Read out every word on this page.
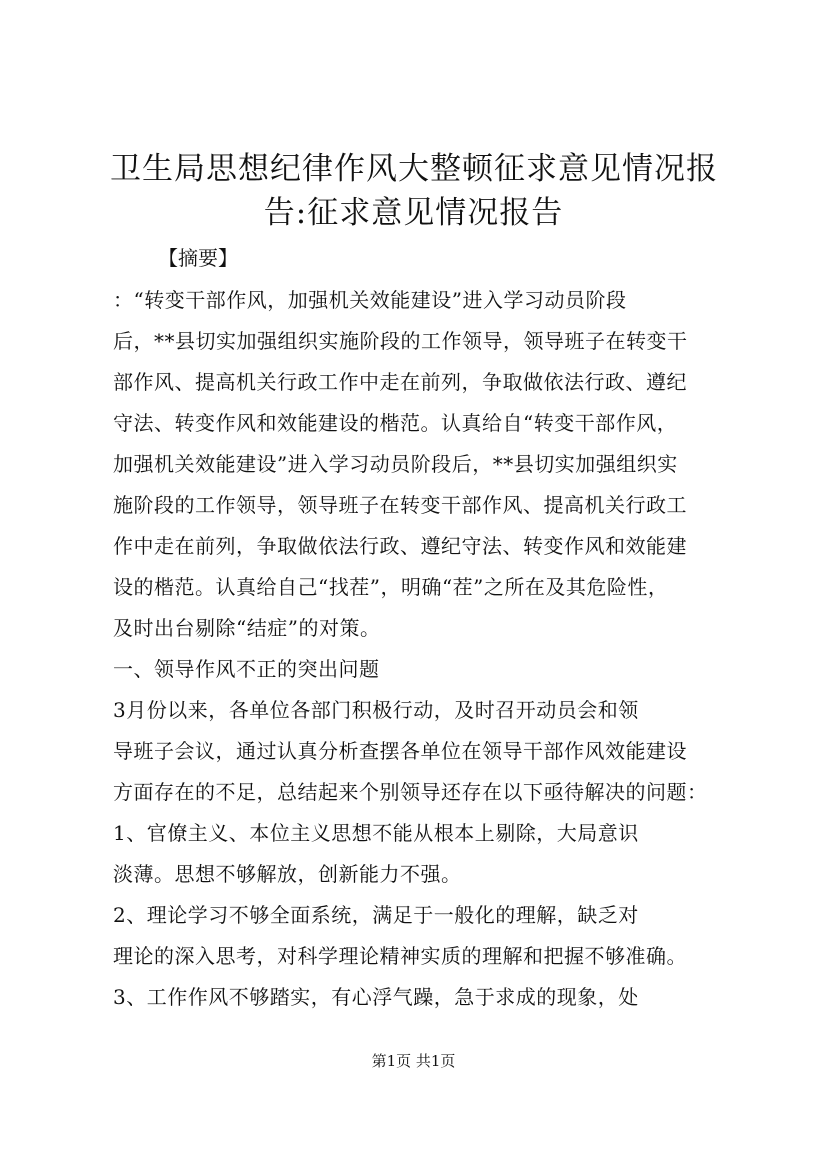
卫生局思想纪律作风大整顿征求意见情况报
告:征求意见情况报告
【摘要】
：“转变干部作风，加强机关效能建设”进入学习动员阶段
后，**县切实加强组织实施阶段的工作领导，领导班子在转变干
部作风、提高机关行政工作中走在前列，争取做依法行政、遵纪
守法、转变作风和效能建设的楷范。认真给自“转变干部作风，
加强机关效能建设”进入学习动员阶段后，**县切实加强组织实
施阶段的工作领导，领导班子在转变干部作风、提高机关行政工
作中走在前列，争取做依法行政、遵纪守法、转变作风和效能建
设的楷范。认真给自己“找茬”，明确“茬”之所在及其危险性，
及时出台剔除“结症”的对策。
一、领导作风不正的突出问题
3月份以来，各单位各部门积极行动，及时召开动员会和领
导班子会议，通过认真分析查摆各单位在领导干部作风效能建设
方面存在的不足，总结起来个别领导还存在以下亟待解决的问题：
1、官僚主义、本位主义思想不能从根本上剔除，大局意识
淡薄。思想不够解放，创新能力不强。
2、理论学习不够全面系统，满足于一般化的理解，缺乏对
理论的深入思考，对科学理论精神实质的理解和把握不够准确。
3、工作作风不够踏实，有心浮气躁，急于求成的现象，处
第1页 共1页
